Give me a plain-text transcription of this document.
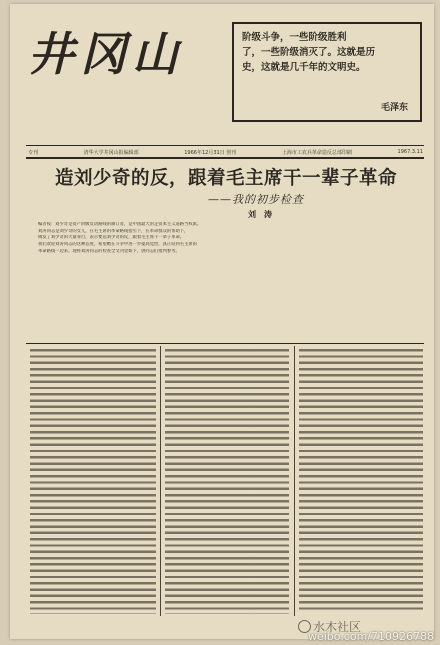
井冈山	阶级斗争，一些阶级胜利
了，一些阶级消灭了。这就是历
史，这就是几千年的文明史。
毛泽东
专刊	清华大学井冈山报编辑部	1966年12月31日 创刊	上海市工农兵革命造反总部印刷	1967.3.11
造刘少奇的反，跟着毛主席干一辈子革命
——我的初步检查
刘　涛
编者按：刘少奇是资产阶级反动路线的制订者，是中国最大的走资本主义道路当权派。
刘涛同志是刘少奇的女儿，在毛主席的革命路线指引下，在革命群众的帮助下，
揭发了刘少奇的大量罪行，表示要造刘少奇的反，跟着毛主席干一辈子革命。
我们欢迎刘涛同志的这种态度，希望她在斗争中进一步提高觉悟，真正站到毛主席的
革命路线一边来。现将刘涛同志的检查全文刊登如下，供同志们批判参考。
水木社区
weibo.com/710926788
